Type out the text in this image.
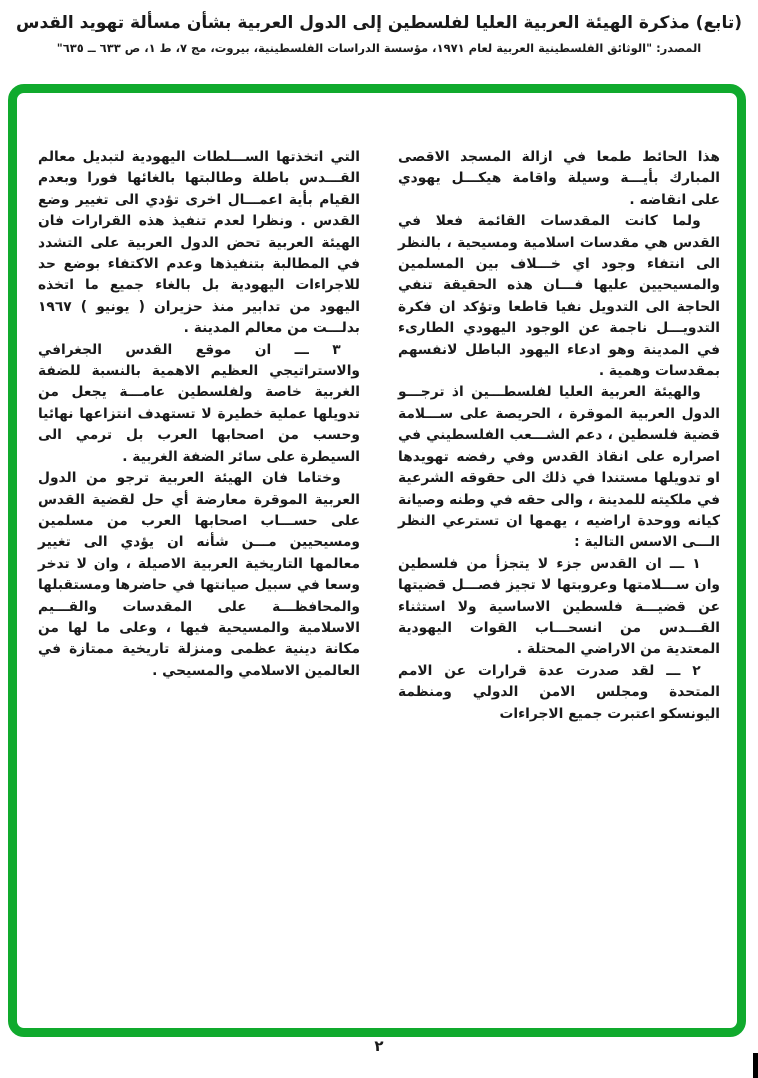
(تابع) مذكرة الهيئة العربية العليا لفلسطين إلى الدول العربية بشأن مسألة تهويد القدس
المصدر: "الوثائق الفلسطينية العربية لعام ١٩٧١، مؤسسة الدراسات الفلسطينية، بيروت، مج ٧، ط ١، ص ٦٣٣ ــ ٦٣٥"

هذا الحائط طمعا في ازالة المسجد الاقصى المبارك بأيـــة وسيلة واقامة هيكـــل يهودي على انقاضه .

ولما كانت المقدسات القائمة فعلا في القدس هي مقدسات اسلامية ومسيحية ، بالنظر الى انتفاء وجود اي خـــلاف بين المسلمين والمسيحيين عليها فـــان هذه الحقيقة تنفي الحاجة الى التدويل نفيا قاطعا وتؤكد ان فكرة التدويـــل ناجمة عن الوجود اليهودي الطارىء في المدينة وهو ادعاء اليهود الباطل لانفسهم بمقدسات وهمية .

والهيئة العربية العليا لفلسطـــين اذ ترجـــو الدول العربية الموقرة ، الحريصة على ســـلامة قضية فلسطين ، دعم الشـــعب الفلسطيني في اصراره على انقاذ القدس وفي رفضه تهويدها او تدويلها مستندا في ذلك الى حقوقه الشرعية في ملكيته للمدينة ، والى حقه في وطنه وصيانة كيانه ووحدة اراضيه ، يهمها ان تسترعي النظر الـــى الاسس التالية :

١ ـــ ان القدس جزء لا يتجزأ من فلسطين وان ســـلامتها وعروبتها لا تجيز فصـــل قضيتها عن قضيـــة فلسطين الاساسية ولا استثناء القـــدس من انسحـــاب القوات اليهودية المعتدية من الاراضي المحتلة .

٢ ـــ لقد صدرت عدة قرارات عن الامم المتحدة ومجلس الامن الدولي ومنظمة اليونسكو اعتبرت جميع الاجراءات

التي اتخذتها الســـلطات اليهودية لتبديل معالم القـــدس باطلة وطالبتها بالغائها فورا وبعدم القيام بأية اعمـــال اخرى تؤدي الى تغيير وضع القدس . ونظرا لعدم تنفيذ هذه القرارات فان الهيئة العربية تحض الدول العربية على التشدد في المطالبة بتنفيذها وعدم الاكتفاء بوضع حد للاجراءات اليهودية بل بالغاء جميع ما اتخذه اليهود من تدابير منذ حزيران ( يونيو ) ١٩٦٧ بدلـــت من معالم المدينة .

٣ ـــ ان موقع القدس الجغرافي والاستراتيجي العظيم الاهمية بالنسبة للضفة الغربية خاصة ولفلسطين عامـــة يجعل من تدويلها عملية خطيرة لا تستهدف انتزاعها نهائيا وحسب من اصحابها العرب بل ترمي الى السيطرة على سائر الضفة الغربية .

وختاما فان الهيئة العربية ترجو من الدول العربية الموقرة معارضة أي حل لقضية القدس على حســـاب اصحابها العرب من مسلمين ومسيحيين مـــن شأنه ان يؤدي الى تغيير معالمها التاريخية العربية الاصيلة ، وان لا تدخر وسعا في سبيل صيانتها في حاضرها ومستقبلها والمحافظـــة على المقدسات والقـــيم الاسلامية والمسيحية فيها ، وعلى ما لها من مكانة دينية عظمى ومنزلة تاريخية ممتازة في العالمين الاسلامي والمسيحي .

٢
